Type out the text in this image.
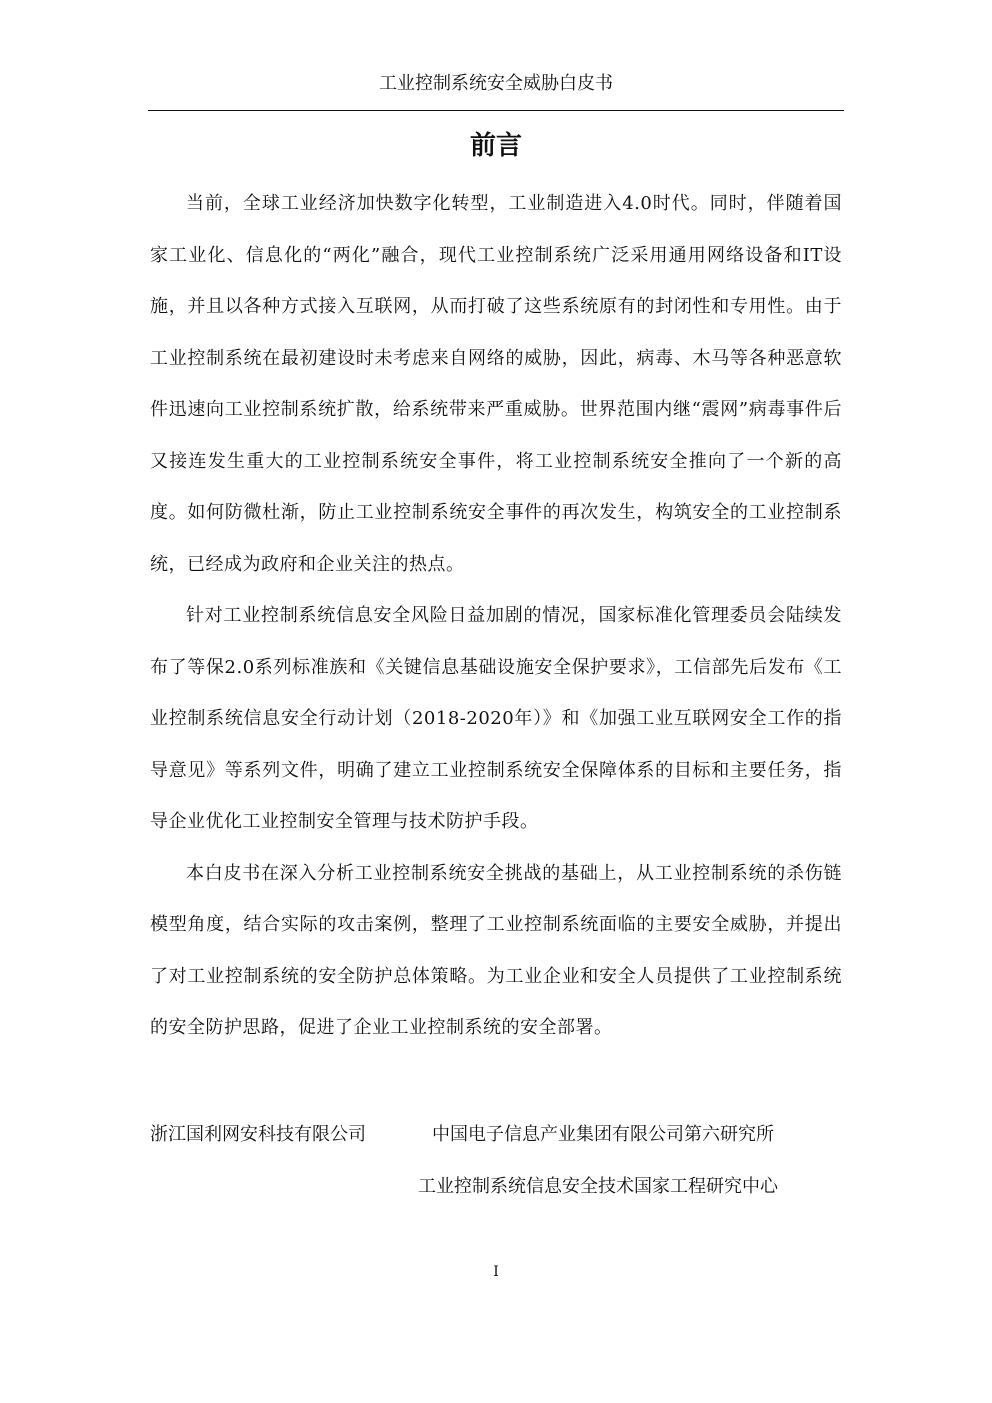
工业控制系统安全威胁白皮书
前言

当前，全球工业经济加快数字化转型，工业制造进入4.0时代。同时，伴随着国家工业化、信息化的“两化”融合，现代工业控制系统广泛采用通用网络设备和IT设施，并且以各种方式接入互联网，从而打破了这些系统原有的封闭性和专用性。由于工业控制系统在最初建设时未考虑来自网络的威胁，因此，病毒、木马等各种恶意软件迅速向工业控制系统扩散，给系统带来严重威胁。世界范围内继“震网”病毒事件后又接连发生重大的工业控制系统安全事件，将工业控制系统安全推向了一个新的高度。如何防微杜渐，防止工业控制系统安全事件的再次发生，构筑安全的工业控制系统，已经成为政府和企业关注的热点。

针对工业控制系统信息安全风险日益加剧的情况，国家标准化管理委员会陆续发布了等保2.0系列标准族和《关键信息基础设施安全保护要求》，工信部先后发布《工业控制系统信息安全行动计划（2018-2020年）》和《加强工业互联网安全工作的指导意见》等系列文件，明确了建立工业控制系统安全保障体系的目标和主要任务，指导企业优化工业控制安全管理与技术防护手段。

本白皮书在深入分析工业控制系统安全挑战的基础上，从工业控制系统的杀伤链模型角度，结合实际的攻击案例，整理了工业控制系统面临的主要安全威胁，并提出了对工业控制系统的安全防护总体策略。为工业企业和安全人员提供了工业控制系统的安全防护思路，促进了企业工业控制系统的安全部署。

浙江国利网安科技有限公司	中国电子信息产业集团有限公司第六研究所
工业控制系统信息安全技术国家工程研究中心
I
